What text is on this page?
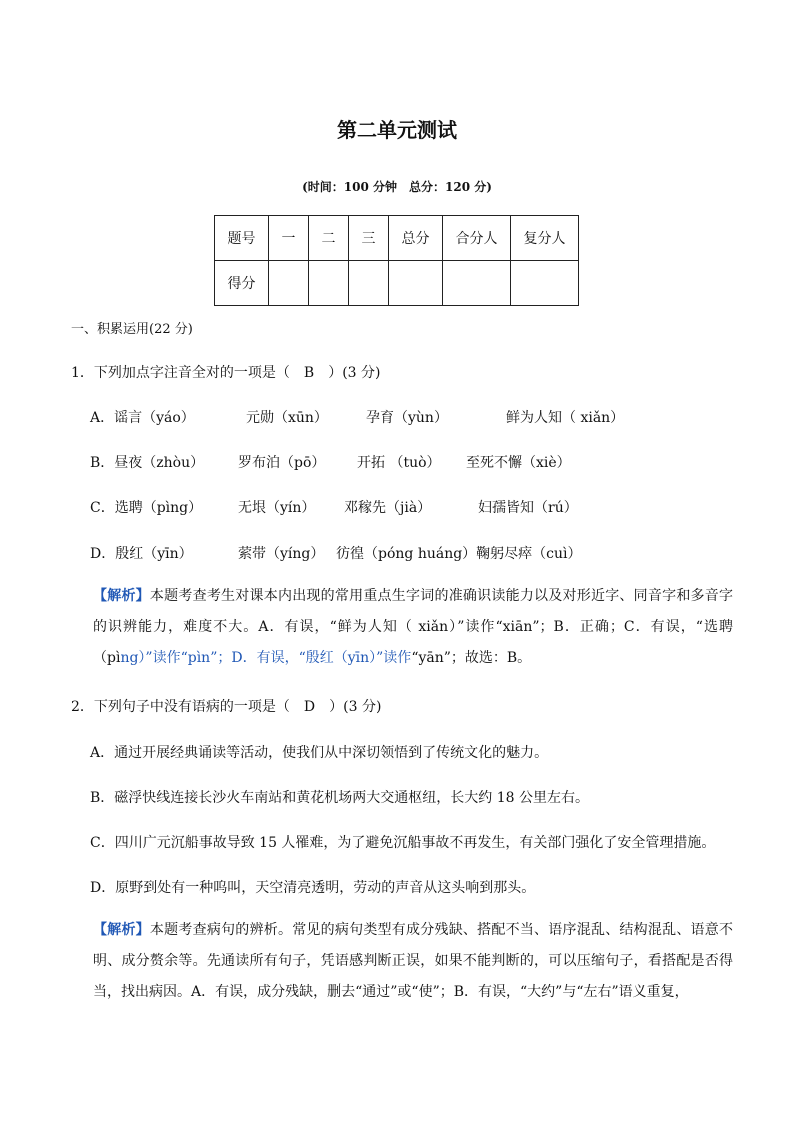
第二单元测试
(时间：100 分钟　总分：120 分)
题号	一	二	三	总分	合分人	复分人
得分						
一、积累运用(22 分)
1．下列加点字注音全对的一项是（　B　）(3 分)
A．谣言（yáo）	元勋（xūn）	孕育（yùn）	鲜为人知（ xiǎn）
B．昼夜（zhòu） 罗布泊（pō） 开拓 （tuò） 至死不懈（xiè）
C．选聘（pìng）	无垠（yín） 邓稼先（jià）	妇孺皆知（rú）
D．殷红（yīn）	萦带（yíng） 彷徨（póng huáng）鞠躬尽瘁（cuì）
【解析】本题考查考生对课本内出现的常用重点生字词的准确识读能力以及对形近字、同音字和多音字的识辨能力，难度不大。A．有误，“鲜为人知（ xiǎn）”读作“xiān”；B．正确；C．有误，“选聘（pìng）”读作“pìn”；D．有误，“殷红（yīn）”读作“yān”；故选：B。
2．下列句子中没有语病的一项是（　D　）(3 分)
A．通过开展经典诵读等活动，使我们从中深切领悟到了传统文化的魅力。
B．磁浮快线连接长沙火车南站和黄花机场两大交通枢纽，长大约 18 公里左右。
C．四川广元沉船事故导致 15 人罹难，为了避免沉船事故不再发生，有关部门强化了安全管理措施。
D．原野到处有一种呜叫，天空清亮透明，劳动的声音从这头响到那头。
【解析】本题考查病句的辨析。常见的病句类型有成分残缺、搭配不当、语序混乱、结构混乱、语意不明、成分赘余等。先通读所有句子，凭语感判断正误，如果不能判断的，可以压缩句子，看搭配是否得当，找出病因。A．有误，成分残缺，删去“通过”或“使”；B．有误，“大约”与“左右”语义重复，
